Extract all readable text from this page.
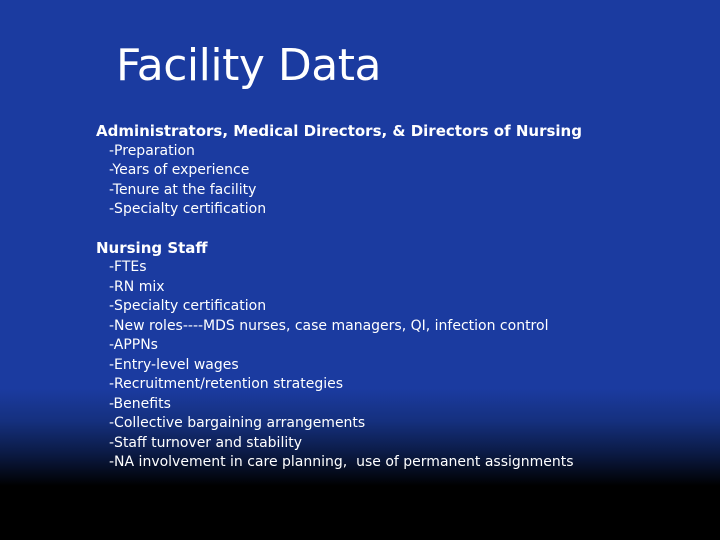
Facility Data
Administrators, Medical Directors, & Directors of Nursing
-Preparation
-Years of experience
-Tenure at the facility
-Specialty certification
Nursing Staff
-FTEs
-RN mix
-Specialty certification
-New roles----MDS nurses, case managers, QI, infection control
-APPNs
-Entry-level wages
-Recruitment/retention strategies
-Benefits
-Collective bargaining arrangements
-Staff turnover and stability
-NA involvement in care planning,  use of permanent assignments
